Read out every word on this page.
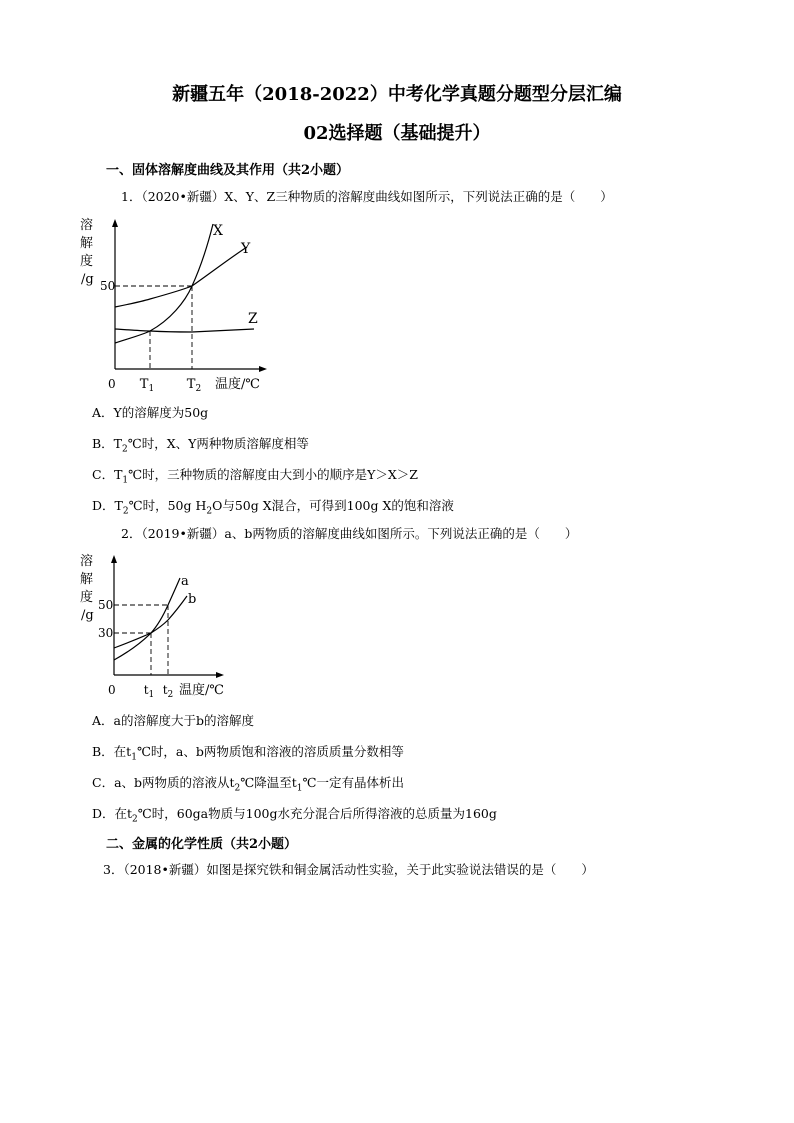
新疆五年（2018-2022）中考化学真题分题型分层汇编
02选择题（基础提升）
一、固体溶解度曲线及其作用（共2小题）
1．（2020•新疆）X、Y、Z三种物质的溶解度曲线如图所示，下列说法正确的是（　　）
溶
解
度
/g
X
Y
Z
50
0 $T_1$	$T_2$ 温度/℃
A．Y的溶解度为50g
B．$T_2℃$时，X、Y两种物质溶解度相等
C．$T_1℃$时，三种物质的溶解度由大到小的顺序是Y＞X＞Z
D．$T_2℃$时，50g $H_2O$与50g X混合，可得到100g X的饱和溶液
2．（2019•新疆）a、b两物质的溶解度曲线如图所示。下列说法正确的是（　　）
溶
解
度
/g
a
b
50
30
0 $t_1$ $t_2$ 温度/℃
A．a的溶解度大于b的溶解度
B．在$t_1℃$时，a、b两物质饱和溶液的溶质质量分数相等
C．a、b两物质的溶液从$t_2℃$降温至$t_1℃$一定有晶体析出
D．在$t_2℃$时，60ga物质与100g水充分混合后所得溶液的总质量为160g
二、金属的化学性质（共2小题）
3．（2018•新疆）如图是探究铁和铜金属活动性实验，关于此实验说法错误的是（　　）
